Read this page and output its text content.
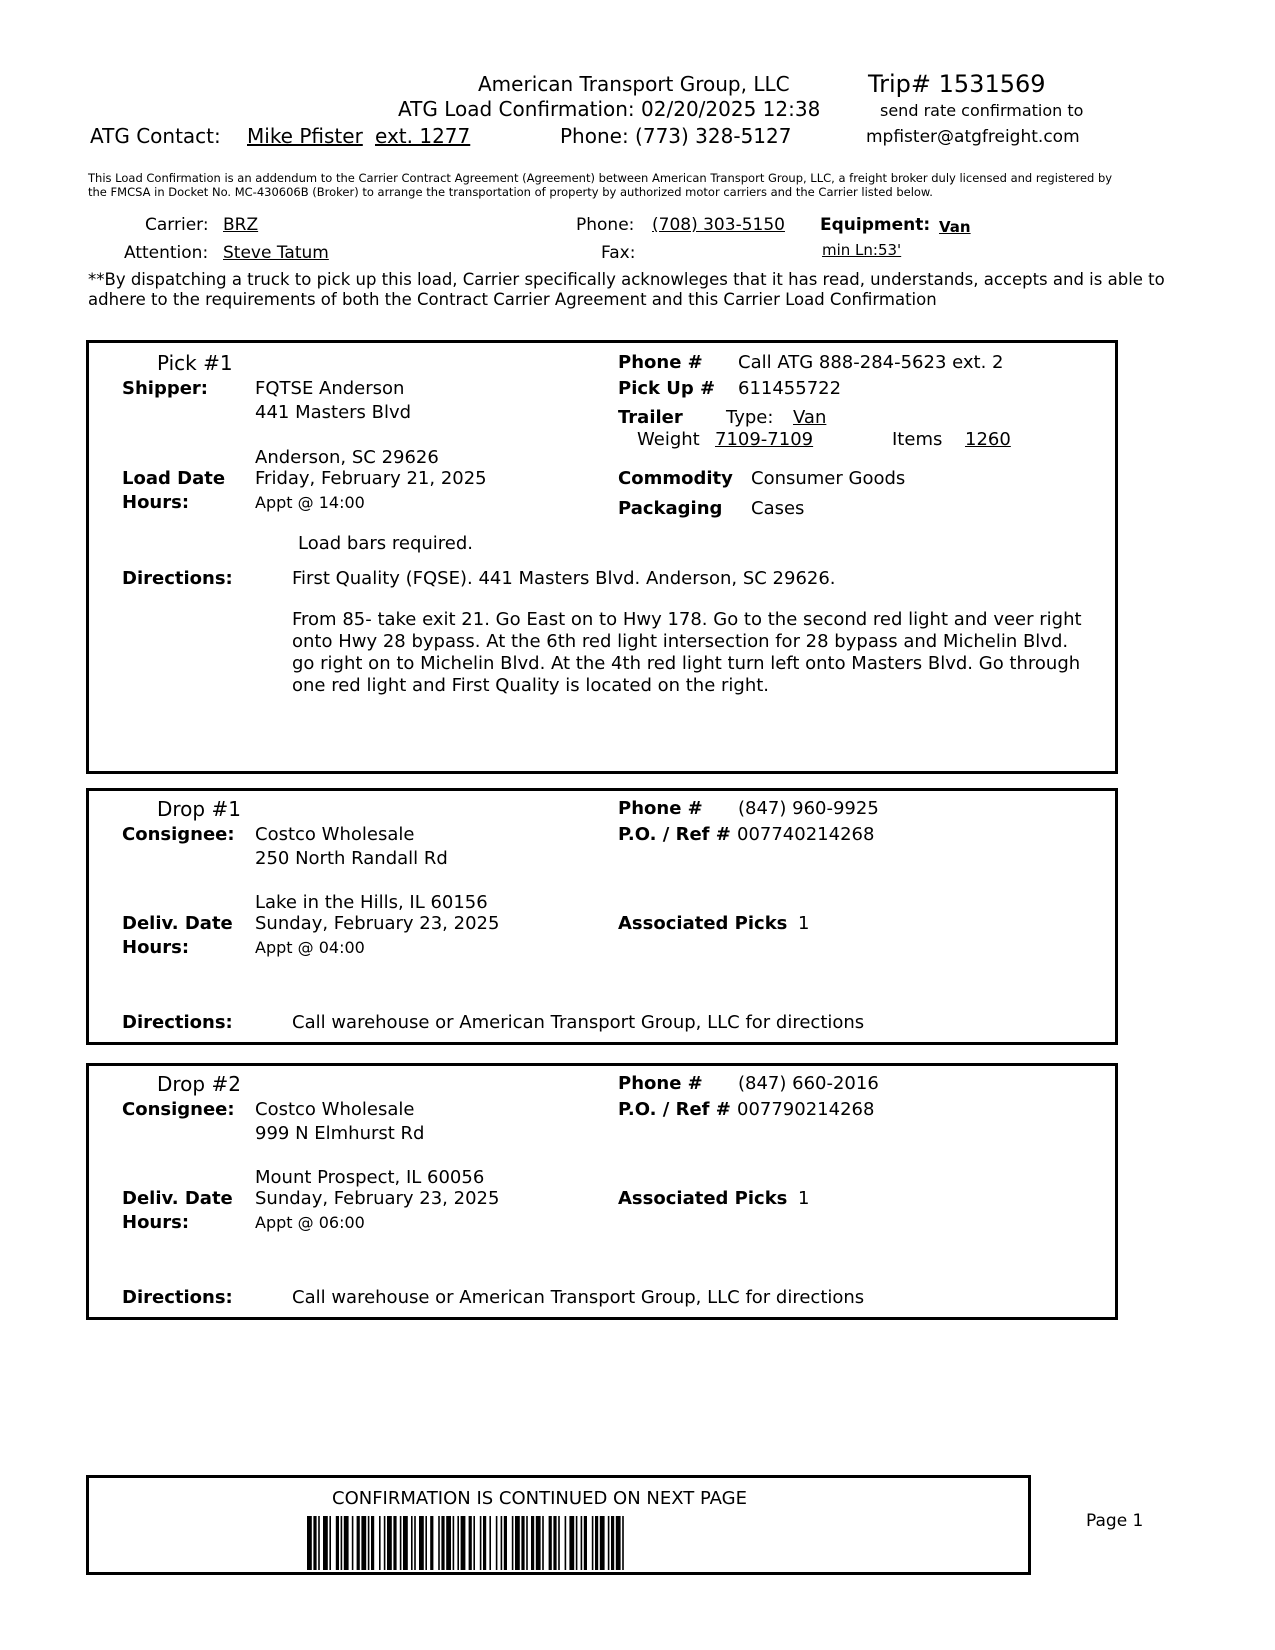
American Transport Group, LLC	Trip# 1531569
ATG Load Confirmation: 02/20/2025 12:38	send rate confirmation to
ATG Contact: Mike Pfister ext. 1277	Phone: (773) 328-5127	mpfister@atgfreight.com
This Load Confirmation is an addendum to the Carrier Contract Agreement (Agreement) between American Transport Group, LLC, a freight broker duly licensed and registered by the FMCSA in Docket No. MC-430606B (Broker) to arrange the transportation of property by authorized motor carriers and the Carrier listed below.
Carrier: BRZ	Phone: (708) 303-5150 Equipment: Van
Attention: Steve Tatum	Fax:	min Ln:53'
**By dispatching a truck to pick up this load, Carrier specifically acknowleges that it has read, understands, accepts and is able to adhere to the requirements of both the Contract Carrier Agreement and this Carrier Load Confirmation
Pick #1
Shipper:	FQTSE Anderson
441 Masters Blvd
Anderson, SC 29626
Load Date Friday, February 21, 2025
Hours:	Appt @ 14:00
Phone # Call ATG 888-284-5623 ext. 2
Pick Up # 611455722
Trailer Type: Van
Weight 7109-7109	Items 1260
Commodity Consumer Goods
Packaging Cases
Load bars required.
Directions:	First Quality (FQSE). 441 Masters Blvd. Anderson, SC 29626.
From 85- take exit 21. Go East on to Hwy 178. Go to the second red light and veer right onto Hwy 28 bypass. At the 6th red light intersection for 28 bypass and Michelin Blvd. go right on to Michelin Blvd. At the 4th red light turn left onto Masters Blvd. Go through one red light and First Quality is located on the right.
Drop #1
Consignee: Costco Wholesale
250 North Randall Rd
Lake in the Hills, IL 60156
Deliv. Date Sunday, February 23, 2025
Hours:	Appt @ 04:00
Phone # (847) 960-9925
P.O. / Ref # 007740214268
Associated Picks 1
Directions:	Call warehouse or American Transport Group, LLC for directions
Drop #2
Consignee: Costco Wholesale
999 N Elmhurst Rd
Mount Prospect, IL 60056
Deliv. Date Sunday, February 23, 2025
Hours:	Appt @ 06:00
Phone # (847) 660-2016
P.O. / Ref # 007790214268
Associated Picks 1
Directions:	Call warehouse or American Transport Group, LLC for directions
CONFIRMATION IS CONTINUED ON NEXT PAGE
Page 1
